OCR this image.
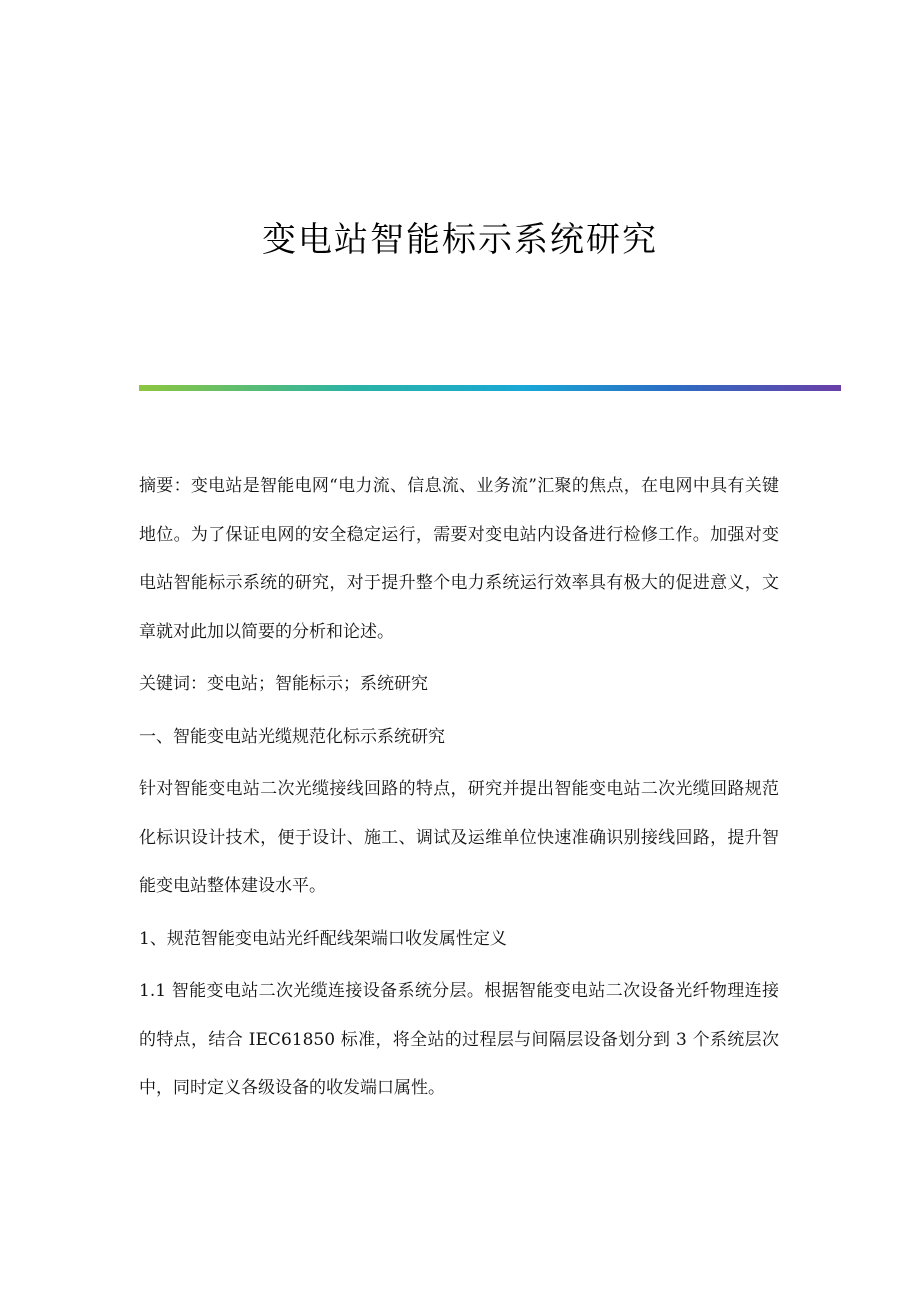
变电站智能标示系统研究

摘要：变电站是智能电网“电力流、信息流、业务流”汇聚的焦点，在电网中具有关键地位。为了保证电网的安全稳定运行，需要对变电站内设备进行检修工作。加强对变电站智能标示系统的研究，对于提升整个电力系统运行效率具有极大的促进意义，文章就对此加以简要的分析和论述。

关键词：变电站；智能标示；系统研究

一、智能变电站光缆规范化标示系统研究

针对智能变电站二次光缆接线回路的特点，研究并提出智能变电站二次光缆回路规范化标识设计技术，便于设计、施工、调试及运维单位快速准确识别接线回路，提升智能变电站整体建设水平。

1、规范智能变电站光纤配线架端口收发属性定义

1.1 智能变电站二次光缆连接设备系统分层。根据智能变电站二次设备光纤物理连接的特点，结合 IEC61850 标准，将全站的过程层与间隔层设备划分到 3 个系统层次中，同时定义各级设备的收发端口属性。
